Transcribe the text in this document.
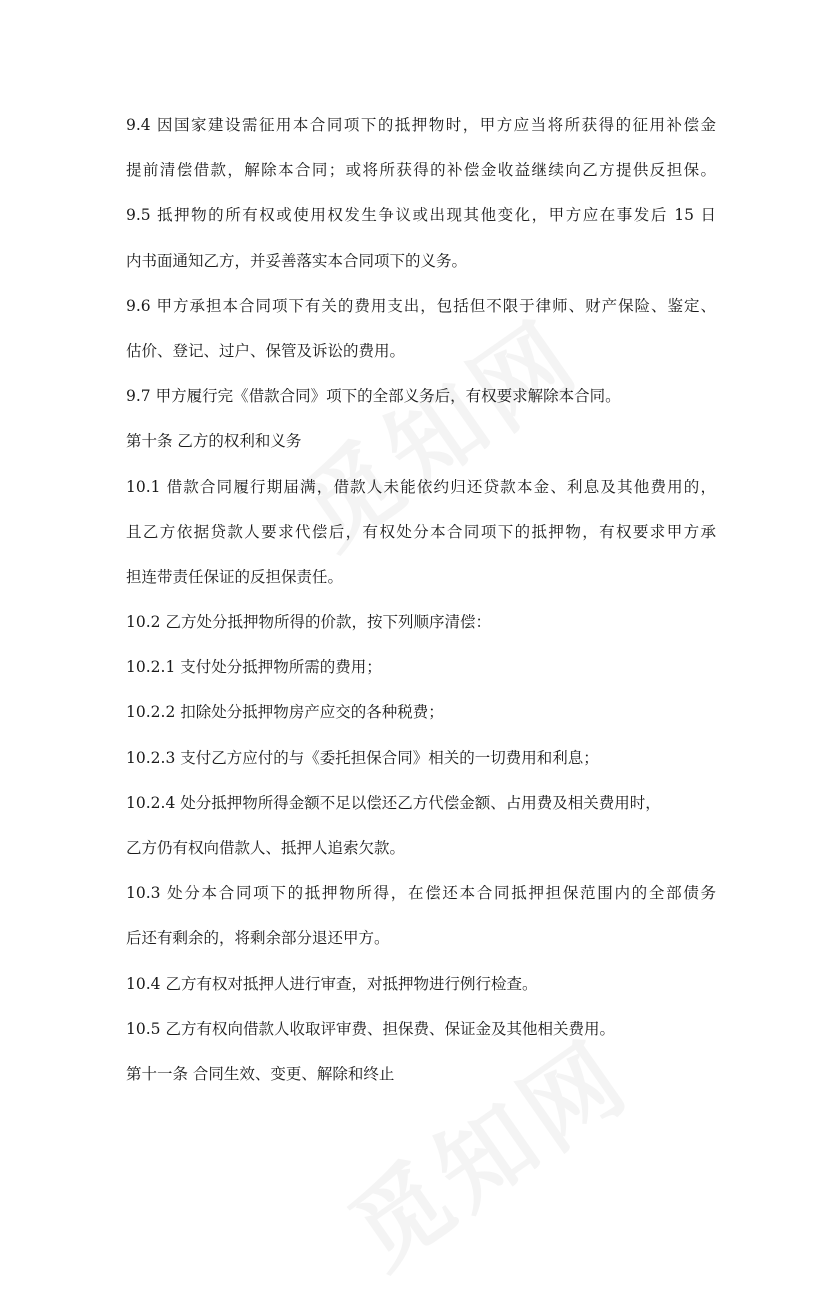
9.4 因国家建设需征用本合同项下的抵押物时，甲方应当将所获得的征用补偿金
提前清偿借款，解除本合同；或将所获得的补偿金收益继续向乙方提供反担保。
9.5 抵押物的所有权或使用权发生争议或出现其他变化，甲方应在事发后 15 日
内书面通知乙方，并妥善落实本合同项下的义务。
9.6 甲方承担本合同项下有关的费用支出，包括但不限于律师、财产保险、鉴定、
估价、登记、过户、保管及诉讼的费用。
9.7 甲方履行完《借款合同》项下的全部义务后，有权要求解除本合同。
第十条 乙方的权利和义务
10.1 借款合同履行期届满，借款人未能依约归还贷款本金、利息及其他费用的，
且乙方依据贷款人要求代偿后，有权处分本合同项下的抵押物，有权要求甲方承
担连带责任保证的反担保责任。
10.2 乙方处分抵押物所得的价款，按下列顺序清偿：
10.2.1 支付处分抵押物所需的费用；
10.2.2 扣除处分抵押物房产应交的各种税费；
10.2.3 支付乙方应付的与《委托担保合同》相关的一切费用和利息；
10.2.4 处分抵押物所得金额不足以偿还乙方代偿金额、占用费及相关费用时，
乙方仍有权向借款人、抵押人追索欠款。
10.3 处分本合同项下的抵押物所得，在偿还本合同抵押担保范围内的全部债务
后还有剩余的，将剩余部分退还甲方。
10.4 乙方有权对抵押人进行审查，对抵押物进行例行检查。
10.5 乙方有权向借款人收取评审费、担保费、保证金及其他相关费用。
第十一条 合同生效、变更、解除和终止
